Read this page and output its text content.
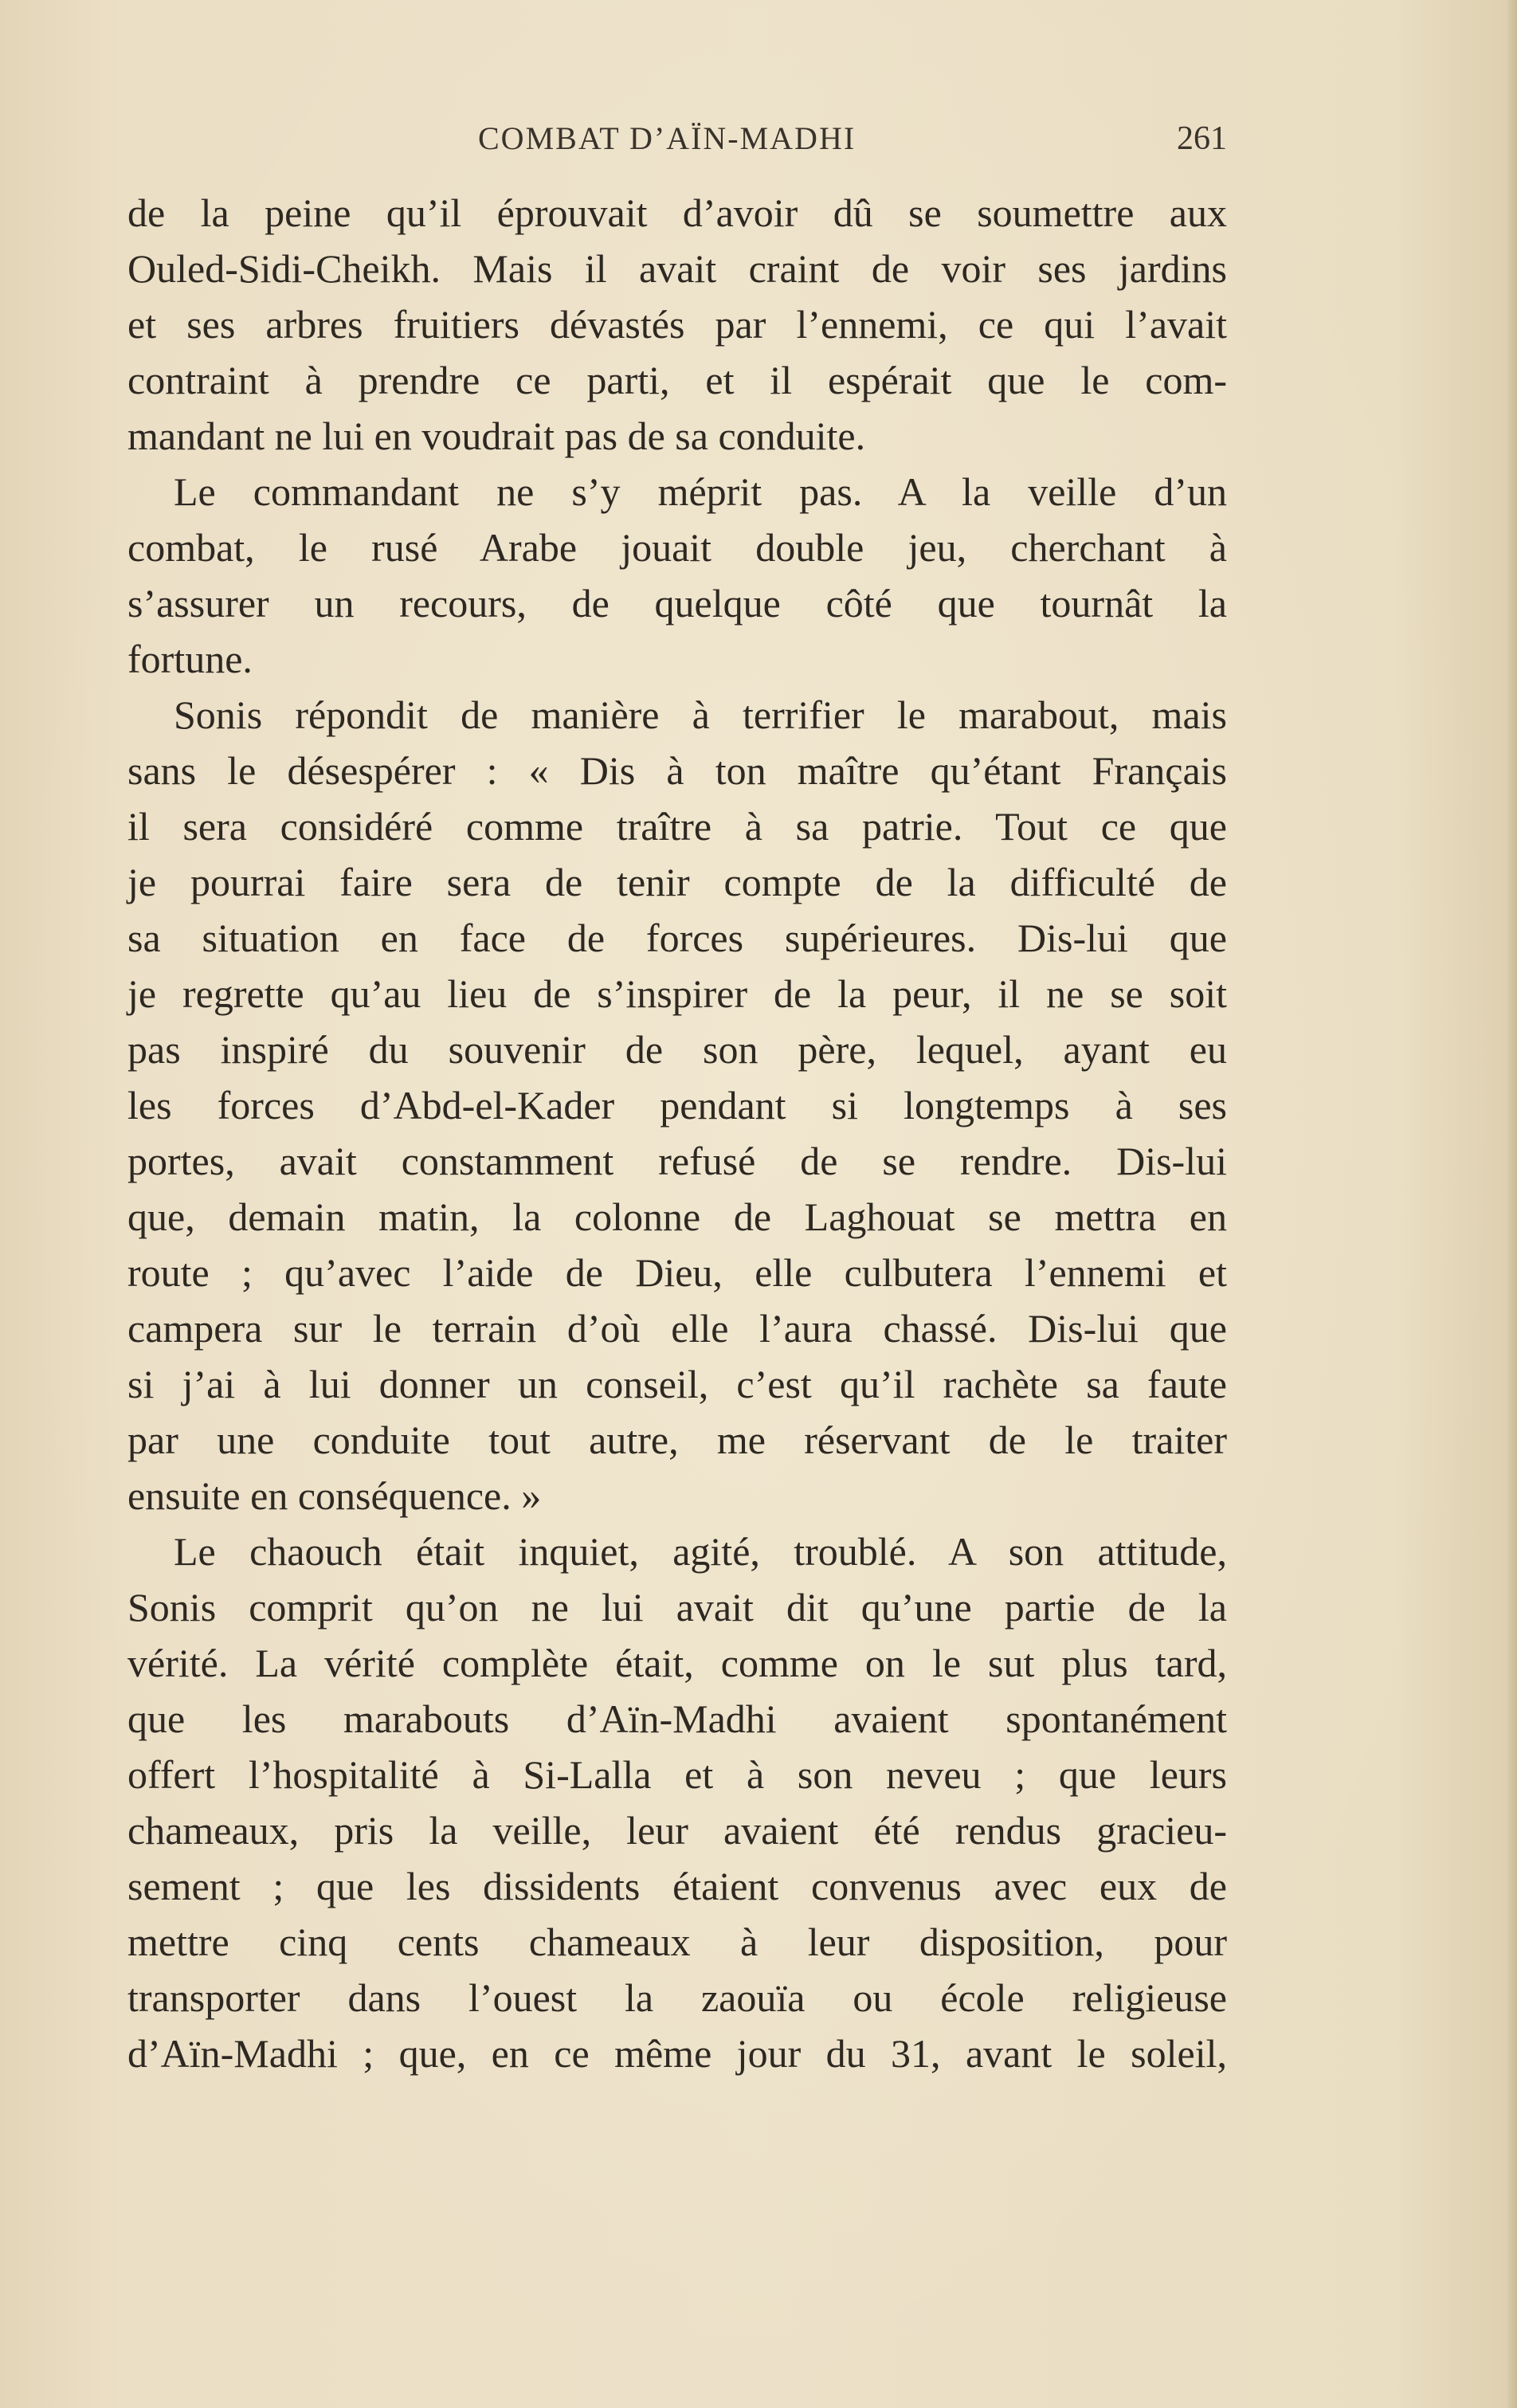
COMBAT D’AÏN-MADHI	261
de la peine qu’il éprouvait d’avoir dû se soumettre aux
Ouled-Sidi-Cheikh. Mais il avait craint de voir ses jardins
et ses arbres fruitiers dévastés par l’ennemi, ce qui l’avait
contraint à prendre ce parti, et il espérait que le com-
mandant ne lui en voudrait pas de sa conduite.
Le commandant ne s’y méprit pas. A la veille d’un
combat, le rusé Arabe jouait double jeu, cherchant à
s’assurer un recours, de quelque côté que tournât la
fortune.
Sonis répondit de manière à terrifier le marabout, mais
sans le désespérer : « Dis à ton maître qu’étant Français
il sera considéré comme traître à sa patrie. Tout ce que
je pourrai faire sera de tenir compte de la difficulté de
sa situation en face de forces supérieures. Dis-lui que
je regrette qu’au lieu de s’inspirer de la peur, il ne se soit
pas inspiré du souvenir de son père, lequel, ayant eu
les forces d’Abd-el-Kader pendant si longtemps à ses
portes, avait constamment refusé de se rendre. Dis-lui
que, demain matin, la colonne de Laghouat se mettra en
route ; qu’avec l’aide de Dieu, elle culbutera l’ennemi et
campera sur le terrain d’où elle l’aura chassé. Dis-lui que
si j’ai à lui donner un conseil, c’est qu’il rachète sa faute
par une conduite tout autre, me réservant de le traiter
ensuite en conséquence. »
Le chaouch était inquiet, agité, troublé. A son attitude,
Sonis comprit qu’on ne lui avait dit qu’une partie de la
vérité. La vérité complète était, comme on le sut plus tard,
que les marabouts d’Aïn-Madhi avaient spontanément
offert l’hospitalité à Si-Lalla et à son neveu ; que leurs
chameaux, pris la veille, leur avaient été rendus gracieu-
sement ; que les dissidents étaient convenus avec eux de
mettre cinq cents chameaux à leur disposition, pour
transporter dans l’ouest la zaouïa ou école religieuse
d’Aïn-Madhi ; que, en ce même jour du 31, avant le soleil,
